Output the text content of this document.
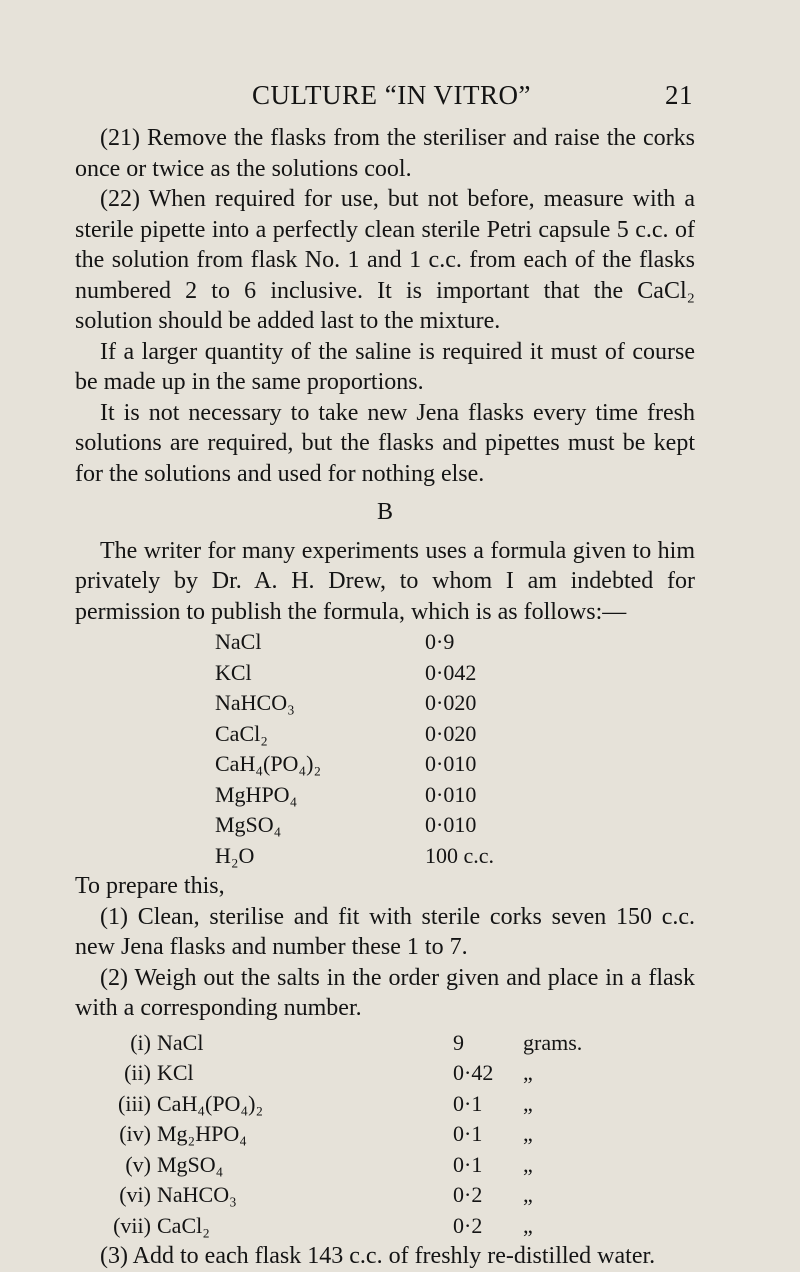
CULTURE “IN VITRO”	21

(21) Remove the flasks from the steriliser and raise the corks once or twice as the solutions cool.

(22) When required for use, but not before, measure with a sterile pipette into a perfectly clean sterile Petri capsule 5 c.c. of the solution from flask No. 1 and 1 c.c. from each of the flasks numbered 2 to 6 inclusive. It is important that the CaCl₂ solution should be added last to the mixture.

If a larger quantity of the saline is required it must of course be made up in the same proportions.

It is not necessary to take new Jena flasks every time fresh solutions are required, but the flasks and pipettes must be kept for the solutions and used for nothing else.

B

The writer for many experiments uses a formula given to him privately by Dr. A. H. Drew, to whom I am indebted for permission to publish the formula, which is as follows:—

NaCl	0·9
KCl	0·042
NaHCO₃	0·020
CaCl₂	0·020
CaH₄(PO₄)₂	0·010
MgHPO₄	0·010
MgSO₄	0·010
H₂O	100 c.c.

To prepare this,

(1) Clean, sterilise and fit with sterile corks seven 150 c.c. new Jena flasks and number these 1 to 7.

(2) Weigh out the salts in the order given and place in a flask with a corresponding number.

(i)	NaCl	9	grams.
(ii)	KCl	0·42	„
(iii)	CaH₄(PO₄)₂	0·1	„
(iv)	Mg₂HPO₄	0·1	„
(v)	MgSO₄	0·1	„
(vi)	NaHCO₃	0·2	„
(vii)	CaCl₂	0·2	„

(3) Add to each flask 143 c.c. of freshly re-distilled water.
